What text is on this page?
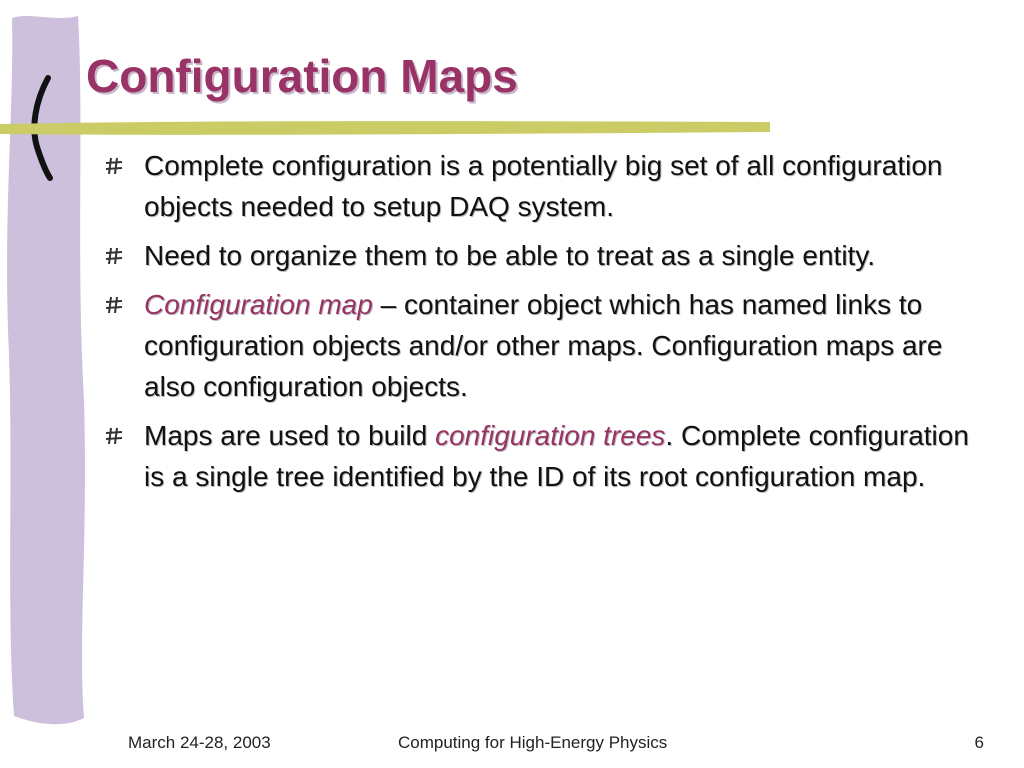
Configuration Maps
Complete configuration is a potentially big set of all configuration objects needed to setup DAQ system.
Need to organize them to be able to treat as a single entity.
Configuration map – container object which has named links to configuration objects and/or other maps. Configuration maps are also configuration objects.
Maps are used to build configuration trees. Complete configuration is a single tree identified by the ID of its root configuration map.
March 24-28, 2003	Computing for High-Energy Physics	6
